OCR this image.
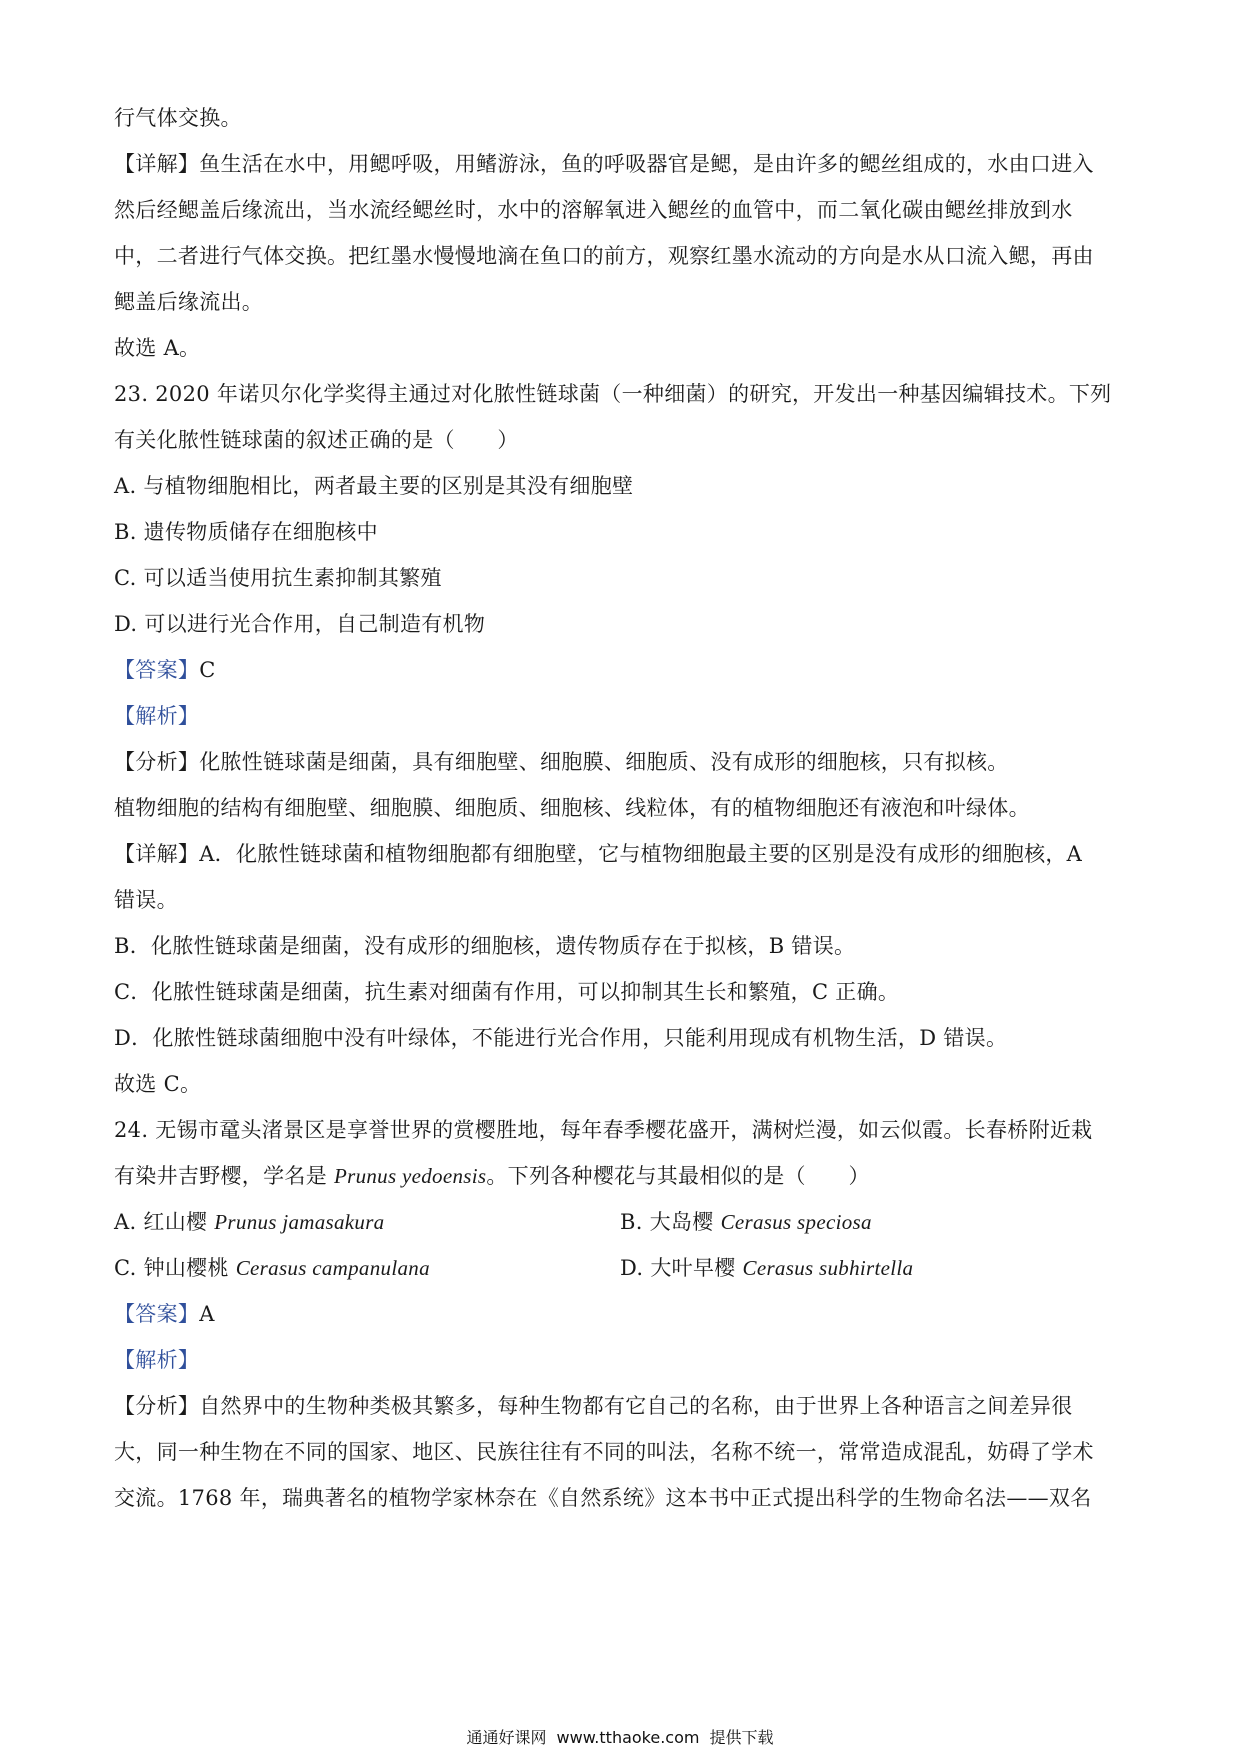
行气体交换。
【详解】鱼生活在水中，用鳃呼吸，用鳍游泳，鱼的呼吸器官是鳃，是由许多的鳃丝组成的，水由口进入
然后经鳃盖后缘流出，当水流经鳃丝时，水中的溶解氧进入鳃丝的血管中，而二氧化碳由鳃丝排放到水
中，二者进行气体交换。把红墨水慢慢地滴在鱼口的前方，观察红墨水流动的方向是水从口流入鳃，再由
鳃盖后缘流出。
故选 A。
23. 2020 年诺贝尔化学奖得主通过对化脓性链球菌（一种细菌）的研究，开发出一种基因编辑技术。下列
有关化脓性链球菌的叙述正确的是（　　）
A. 与植物细胞相比，两者最主要的区别是其没有细胞壁
B. 遗传物质储存在细胞核中
C. 可以适当使用抗生素抑制其繁殖
D. 可以进行光合作用，自己制造有机物
【答案】C
【解析】
【分析】化脓性链球菌是细菌，具有细胞壁、细胞膜、细胞质、没有成形的细胞核，只有拟核。
植物细胞的结构有细胞壁、细胞膜、细胞质、细胞核、线粒体，有的植物细胞还有液泡和叶绿体。
【详解】A．化脓性链球菌和植物细胞都有细胞壁，它与植物细胞最主要的区别是没有成形的细胞核，A
错误。
B．化脓性链球菌是细菌，没有成形的细胞核，遗传物质存在于拟核，B 错误。
C．化脓性链球菌是细菌，抗生素对细菌有作用，可以抑制其生长和繁殖，C 正确。
D．化脓性链球菌细胞中没有叶绿体，不能进行光合作用，只能利用现成有机物生活，D 错误。
故选 C。
24. 无锡市鼋头渚景区是享誉世界的赏樱胜地，每年春季樱花盛开，满树烂漫，如云似霞。长春桥附近栽
有染井吉野樱，学名是 Prunus yedoensis。下列各种樱花与其最相似的是（　　）
A. 红山樱 Prunus jamasakura	B. 大岛樱 Cerasus speciosa
C. 钟山樱桃 Cerasus campanulana	D. 大叶早樱 Cerasus subhirtella
【答案】A
【解析】
【分析】自然界中的生物种类极其繁多，每种生物都有它自己的名称，由于世界上各种语言之间差异很
大，同一种生物在不同的国家、地区、民族往往有不同的叫法，名称不统一，常常造成混乱，妨碍了学术
交流。1768 年，瑞典著名的植物学家林奈在《自然系统》这本书中正式提出科学的生物命名法——双名
通通好课网 www.tthaoke.com 提供下载
